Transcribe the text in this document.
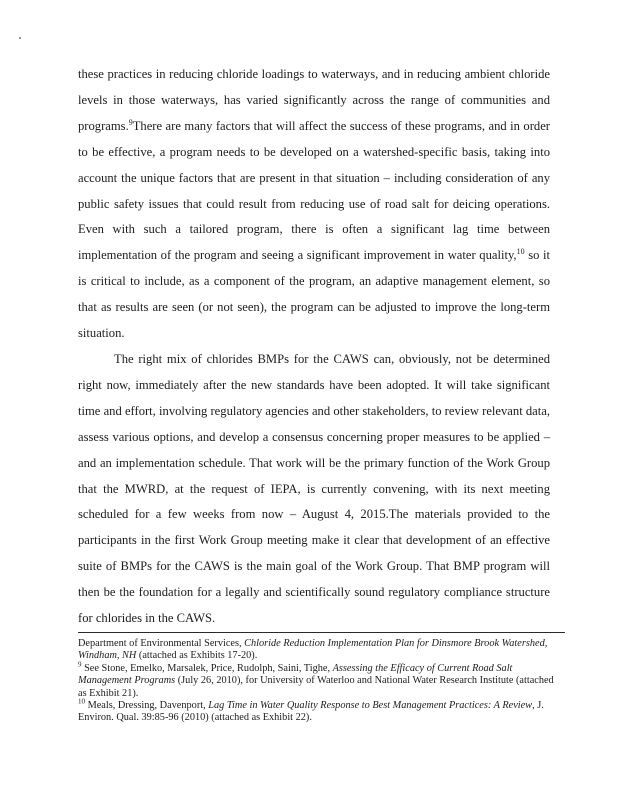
these practices in reducing chloride loadings to waterways, and in reducing ambient chloride levels in those waterways, has varied significantly across the range of communities and programs.$^9$There are many factors that will affect the success of these programs, and in order to be effective, a program needs to be developed on a watershed-specific basis, taking into account the unique factors that are present in that situation – including consideration of any public safety issues that could result from reducing use of road salt for deicing operations. Even with such a tailored program, there is often a significant lag time between implementation of the program and seeing a significant improvement in water quality,$^{10}$ so it is critical to include, as a component of the program, an adaptive management element, so that as results are seen (or not seen), the program can be adjusted to improve the long-term situation.

The right mix of chlorides BMPs for the CAWS can, obviously, not be determined right now, immediately after the new standards have been adopted. It will take significant time and effort, involving regulatory agencies and other stakeholders, to review relevant data, assess various options, and develop a consensus concerning proper measures to be applied – and an implementation schedule. That work will be the primary function of the Work Group that the MWRD, at the request of IEPA, is currently convening, with its next meeting scheduled for a few weeks from now – August 4, 2015.The materials provided to the participants in the first Work Group meeting make it clear that development of an effective suite of BMPs for the CAWS is the main goal of the Work Group. That BMP program will then be the foundation for a legally and scientifically sound regulatory compliance structure for chlorides in the CAWS.

Department of Environmental Services, Chloride Reduction Implementation Plan for Dinsmore Brook Watershed, Windham, NH (attached as Exhibits 17-20).

$^9$ See Stone, Emelko, Marsalek, Price, Rudolph, Saini, Tighe, Assessing the Efficacy of Current Road Salt Management Programs (July 26, 2010), for University of Waterloo and National Water Research Institute (attached as Exhibit 21).

$^{10}$ Meals, Dressing, Davenport, Lag Time in Water Quality Response to Best Management Practices: A Review, J. Environ. Qual. 39:85-96 (2010) (attached as Exhibit 22).
